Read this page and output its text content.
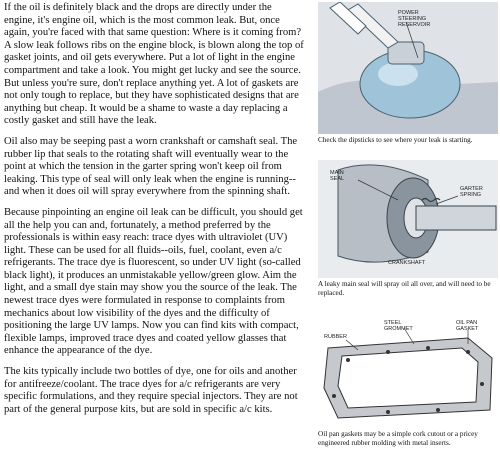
If the oil is definitely black and the drops are directly under the engine, it's engine oil, which is the most common leak. But, once again, you're faced with that same question: Where is it coming from? A slow leak follows ribs on the engine block, is blown along the top of gasket joints, and oil gets everywhere. Put a lot of light in the engine compartment and take a look. You might get lucky and see the source. But unless you're sure, don't replace anything yet. A lot of gaskets are not only tough to replace, but they have sophisticated designs that are anything but cheap. It would be a shame to waste a day replacing a costly gasket and still have the leak.

Oil also may be seeping past a worn crankshaft or camshaft seal. The rubber lip that seals to the rotating shaft will eventually wear to the point at which the tension in the garter spring won't keep oil from leaking. This type of seal will only leak when the engine is running--and when it does oil will spray everywhere from the spinning shaft.

Because pinpointing an engine oil leak can be difficult, you should get all the help you can and, fortunately, a method preferred by the professionals is within easy reach: trace dyes with ultraviolet (UV) light. These can be used for all fluids--oils, fuel, coolant, even a/c refrigerants. The trace dye is fluorescent, so under UV light (so-called black light), it produces an unmistakable yellow/green glow. Aim the light, and a small dye stain may show you the source of the leak. The newest trace dyes were formulated in response to complaints from mechanics about low visibility of the dyes and the difficulty of positioning the large UV lamps. Now you can find kits with compact, flexible lamps, improved trace dyes and coated yellow glasses that enhance the appearance of the dye.

The kits typically include two bottles of dye, one for oils and another for antifreeze/coolant. The trace dyes for a/c refrigerants are very specific formulations, and they require special injectors. They are not part of the general purpose kits, but are sold in specific a/c kits.

POWER
STEERING
RESERVOIR
Check the dipsticks to see where your leak is starting.
MAIN
SEAL
GARTER
SPRING
CRANKSHAFT
A leaky main seal will spray oil all over, and will need to be replaced.
STEEL
GROMMET
OIL PAN
GASKET
RUBBER
Oil pan gaskets may be a simple cork cutout or a pricey engineered rubber molding with metal inserts.
